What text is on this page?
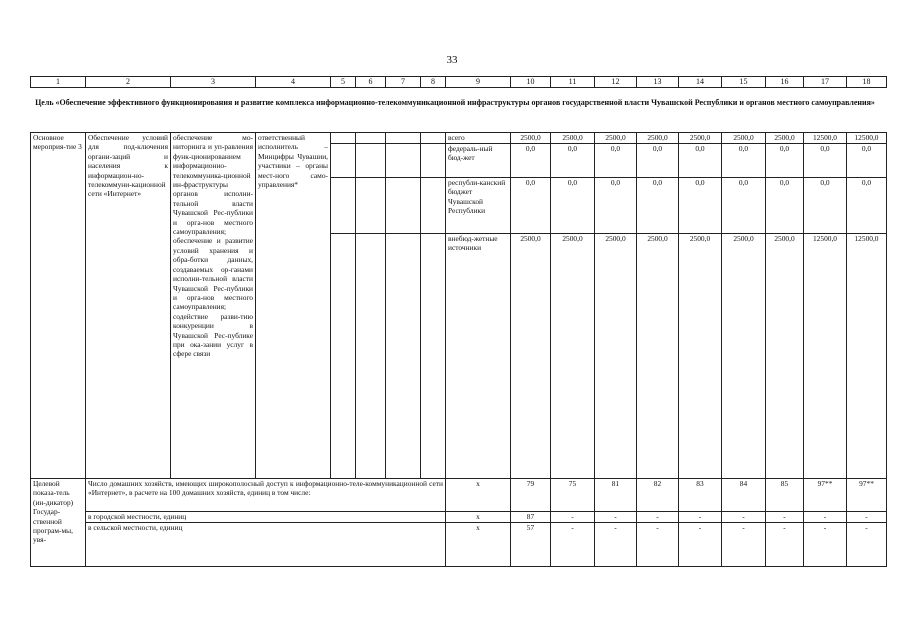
33
1	2	3	4	5	6	7	8	9	10	11	12	13	14	15	16	17	18
Цель «Обеспечение эффективного функционирования и развитие комплекса информационно-телекоммуникационной инфраструктуры органов государственной власти Чувашской Республики и органов местного самоуправления»
Основное мероприя-тие 3	Обеспечение условий для под-ключения органи-заций и населения к информацион-но-телекоммуни-кационной сети «Интернет»	обеспечение мо-ниторинга и уп-равления функ-ционированием информационно-телекоммуника-ционной ин-фраструктуры органов исполни-тельной власти Чувашской Рес-публики и орга-нов местного самоуправления; обеспечение и развитие условий хранения и обра-ботки данных, создаваемых ор-ганами исполни-тельной власти Чувашской Рес-публики и орга-нов местного самоуправления; содействие разви-тию конкуренции в Чувашской Рес-публике при ока-зании услуг в сфере связи	ответственный исполнитель – Минцифры Чувашии, участники – органы мест-ного само-управления*					всего	2500,0	2500,0	2500,0	2500,0	2500,0	2500,0	2500,0	12500,0	12500,0
								федераль-ный бюд-жет	0,0	0,0	0,0	0,0	0,0	0,0	0,0	0,0	0,0
								республи-канский бюджет Чувашской Республики	0,0	0,0	0,0	0,0	0,0	0,0	0,0	0,0	0,0
								внебюд-жетные источники	2500,0	2500,0	2500,0	2500,0	2500,0	2500,0	2500,0	12500,0	12500,0
Целевой показа-тель (ин-дикатор) Государ-ственной програм-мы, увя-	Число домашних хозяйств, имеющих широкополосный доступ к информационно-теле-коммуникационной сети «Интернет», в расчете на 100 домашних хозяйств, единиц в том числе:							x	79	75	81	82	83	84	85	97**	97**
	в городской местности, единиц							x	87	-	-	-	-	-	-	-	-
	в сельской местности, единиц							x	57	-	-	-	-	-	-	-	-
